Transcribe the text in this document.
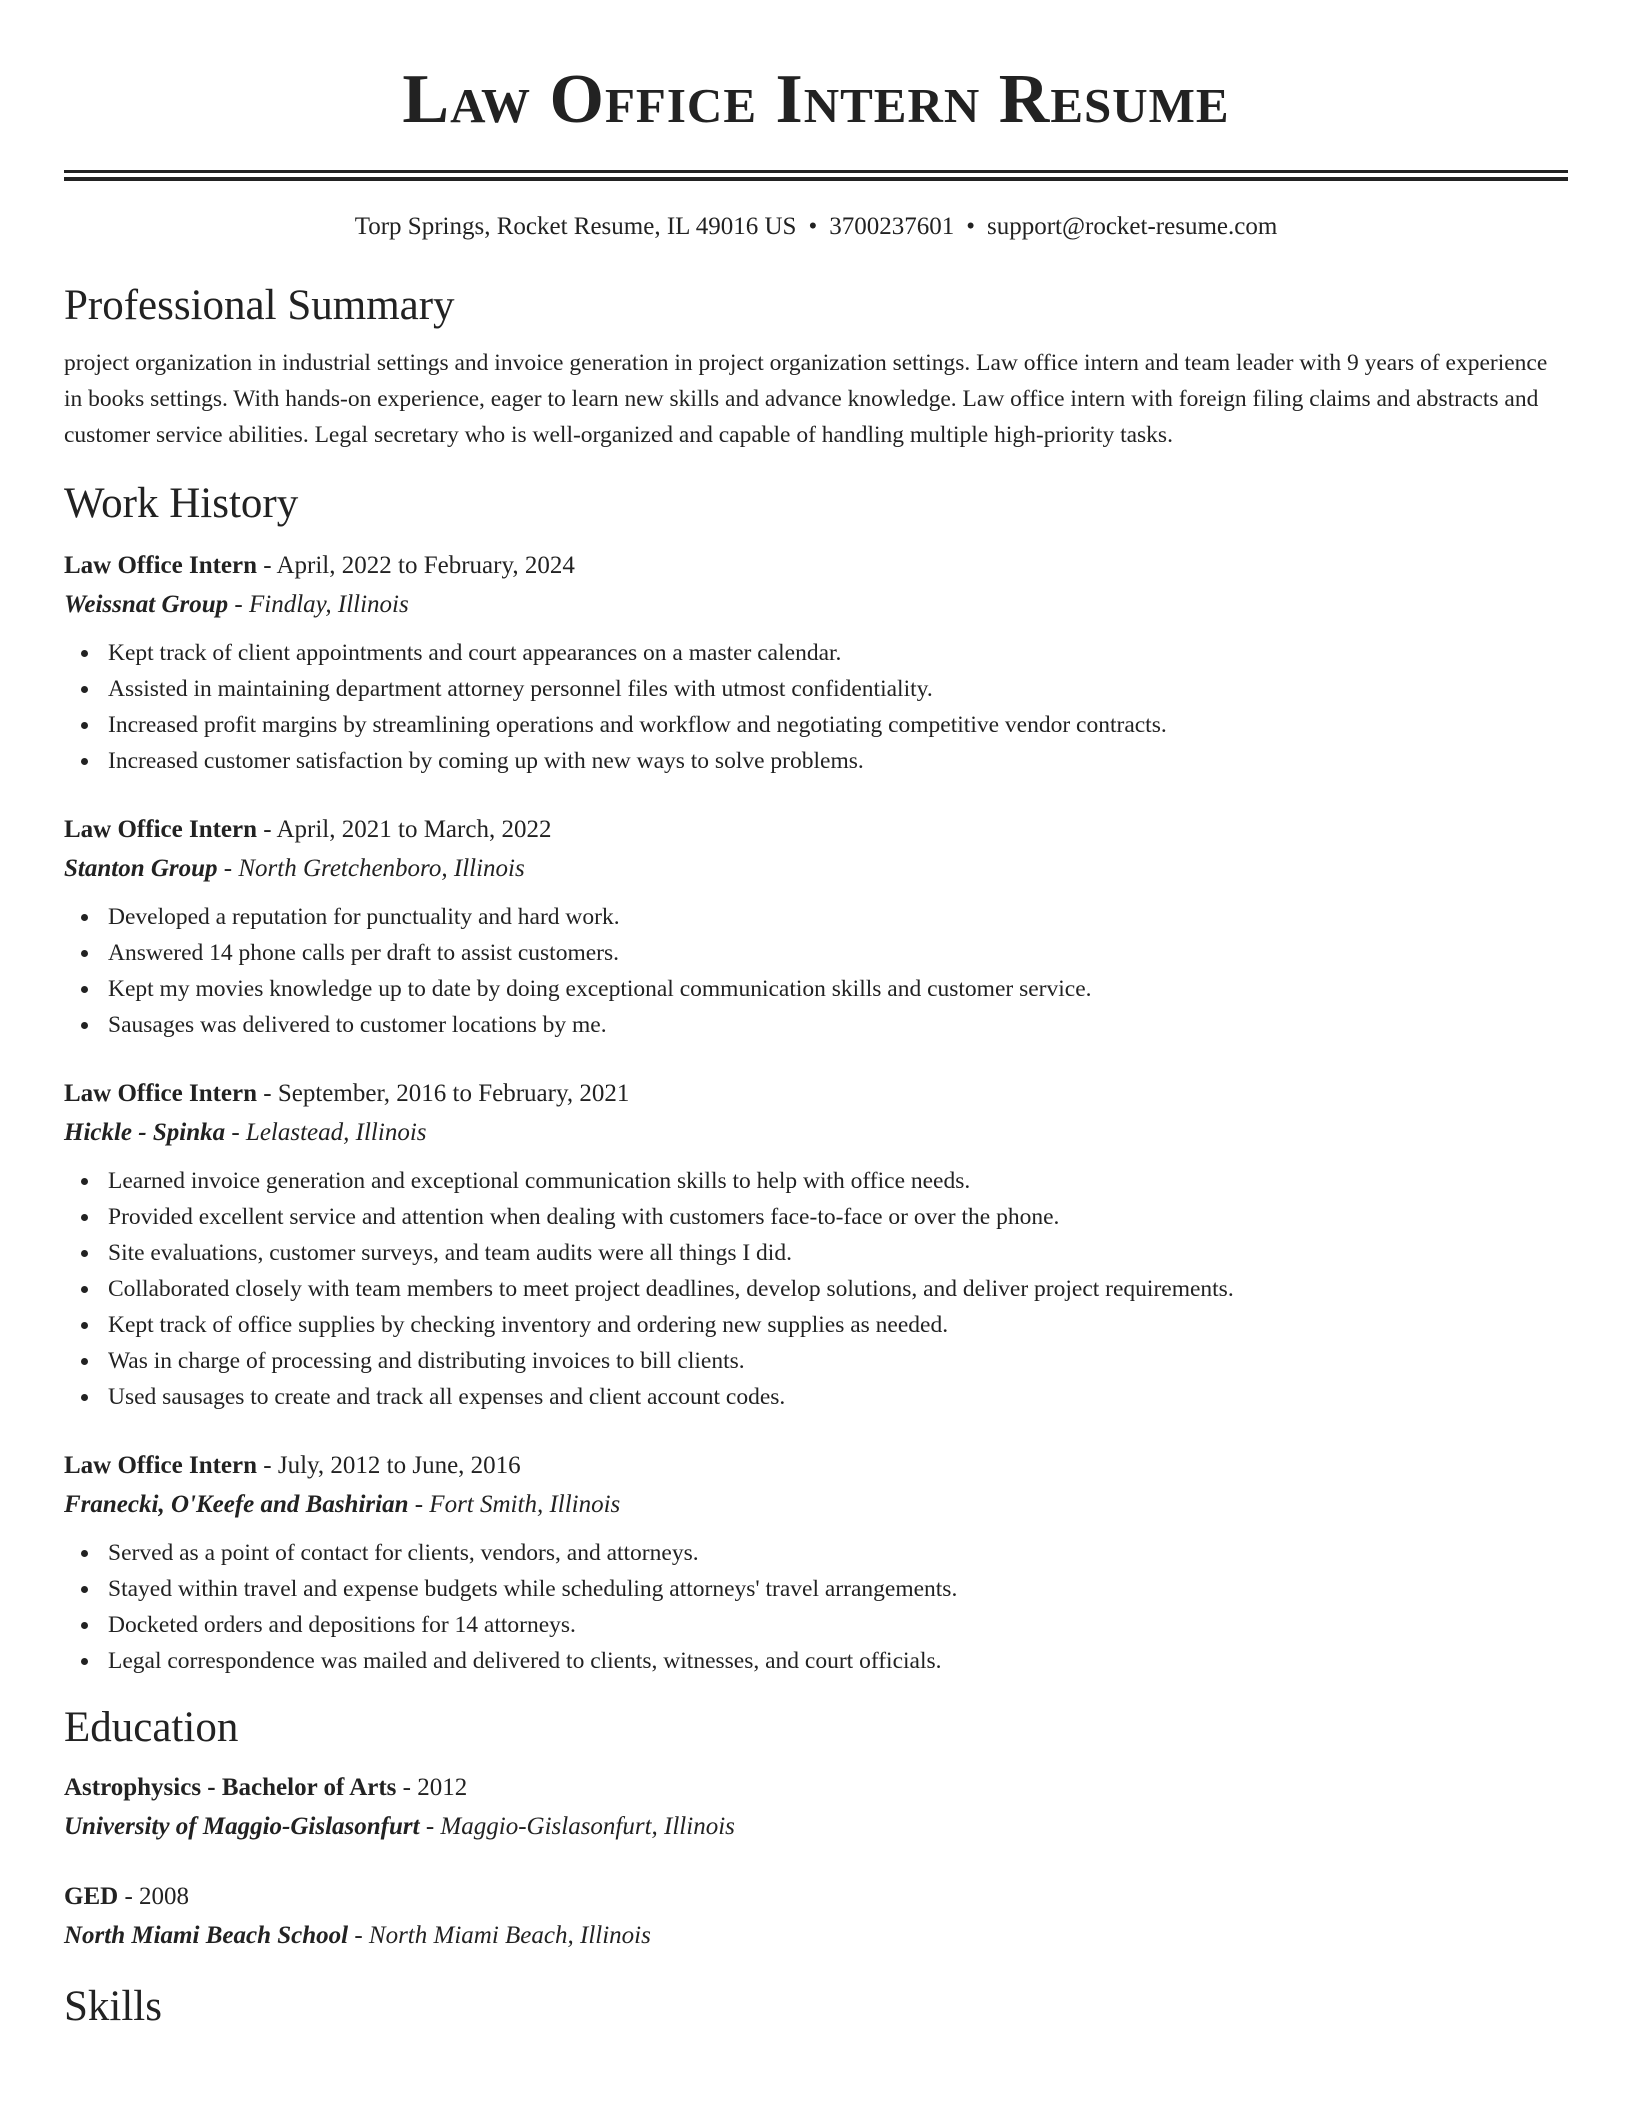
Law Office Intern Resume
Torp Springs, Rocket Resume, IL 49016 US • 3700237601 • support@rocket-resume.com
Professional Summary
project organization in industrial settings and invoice generation in project organization settings. Law office intern and team leader with 9 years of experience in books settings. With hands-on experience, eager to learn new skills and advance knowledge. Law office intern with foreign filing claims and abstracts and customer service abilities. Legal secretary who is well-organized and capable of handling multiple high-priority tasks.
Work History
Law Office Intern - April, 2022 to February, 2024
Weissnat Group - Findlay, Illinois
Kept track of client appointments and court appearances on a master calendar.
Assisted in maintaining department attorney personnel files with utmost confidentiality.
Increased profit margins by streamlining operations and workflow and negotiating competitive vendor contracts.
Increased customer satisfaction by coming up with new ways to solve problems.
Law Office Intern - April, 2021 to March, 2022
Stanton Group - North Gretchenboro, Illinois
Developed a reputation for punctuality and hard work.
Answered 14 phone calls per draft to assist customers.
Kept my movies knowledge up to date by doing exceptional communication skills and customer service.
Sausages was delivered to customer locations by me.
Law Office Intern - September, 2016 to February, 2021
Hickle - Spinka - Lelastead, Illinois
Learned invoice generation and exceptional communication skills to help with office needs.
Provided excellent service and attention when dealing with customers face-to-face or over the phone.
Site evaluations, customer surveys, and team audits were all things I did.
Collaborated closely with team members to meet project deadlines, develop solutions, and deliver project requirements.
Kept track of office supplies by checking inventory and ordering new supplies as needed.
Was in charge of processing and distributing invoices to bill clients.
Used sausages to create and track all expenses and client account codes.
Law Office Intern - July, 2012 to June, 2016
Franecki, O'Keefe and Bashirian - Fort Smith, Illinois
Served as a point of contact for clients, vendors, and attorneys.
Stayed within travel and expense budgets while scheduling attorneys' travel arrangements.
Docketed orders and depositions for 14 attorneys.
Legal correspondence was mailed and delivered to clients, witnesses, and court officials.
Education
Astrophysics - Bachelor of Arts - 2012
University of Maggio-Gislasonfurt - Maggio-Gislasonfurt, Illinois
GED - 2008
North Miami Beach School - North Miami Beach, Illinois
Skills
